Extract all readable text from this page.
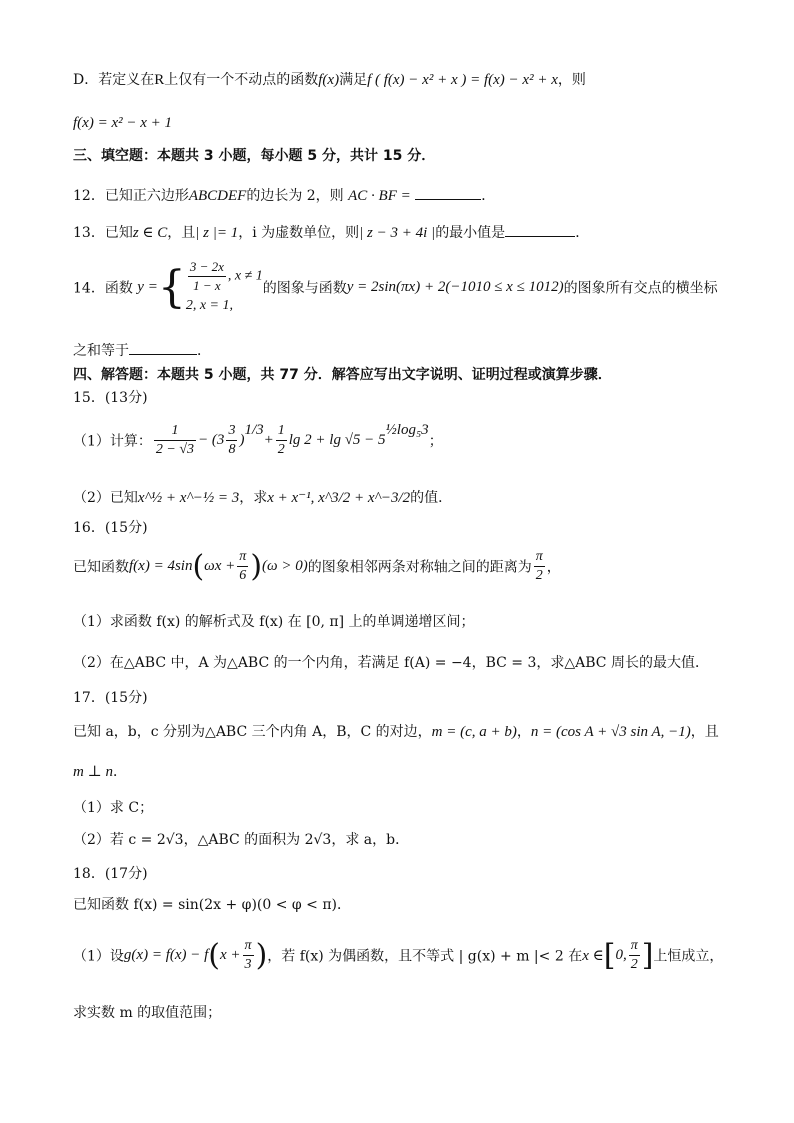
D．若定义在R上仅有一个不动点的函数f(x)满足f ( f(x) − x² + x ) = f(x) − x² + x，则
f(x) = x² − x + 1
三、填空题：本题共 3 小题，每小题 5 分，共计 15 分．
12．已知正六边形ABCDEF的边长为 2，则 AC · BF =	．
13．已知z ∈ C，且| z |= 1，i 为虚数单位，则| z − 3 + 4i |的最小值是	．
14．函数 y ={ $\frac{3 - 2x}{1 - x}$ , x ≠ 1
2, x = 1,
的图象与函数y = 2sin(πx) + 2(−1010 ≤ x ≤ 1012)的图象所有交点的横坐标
之和等于	．
四、解答题：本题共 5 小题，共 77 分．解答应写出文字说明、证明过程或演算步骤．
15．(13分)
（1）计算： $\frac{1}{2 - √3} - (3 \frac{3}{8} )^{1/3}+ \frac{1}{2}$ $\lg 2 + \lg √5 - 5^{\frac{1}{2}log_53}$；
（2）已知x^½ + x^−½ = 3，求x + x⁻¹, x^3/2 + x^−3/2的值．
16．(15分)
已知函数$f(x) = 4\sin(\omega x + \frac{\pi}{6} )(\omega > 0)$的图象相邻两条对称轴之间的距离为 $\frac{\pi}{2}$ ，
（1）求函数 f(x) 的解析式及 f(x) 在 [0, π] 上的单调递增区间；
（2）在△ABC 中，A 为△ABC 的一个内角，若满足 f(A) = −4，BC = 3，求△ABC 周长的最大值．
17．(15分)
已知 a，b，c 分别为△ABC 三个内角 A，B，C 的对边，m = (c, a + b)，n = (cos A + √3 sin A, −1)，且
m ⊥ n．
（1）求 C；
（2）若 c = 2√3，△ABC 的面积为 2√3，求 a，b．
18．(17分)
已知函数 f(x) = sin(2x + φ)(0 < φ < π)．
（1）设$g(x) = f(x) - f(x + \frac{\pi}{3}$ )，若 f(x) 为偶函数，且不等式 | g(x) + m |< 2 在x ∈[0, $\frac{\pi}{2}$ ]上恒成立，
求实数 m 的取值范围；
